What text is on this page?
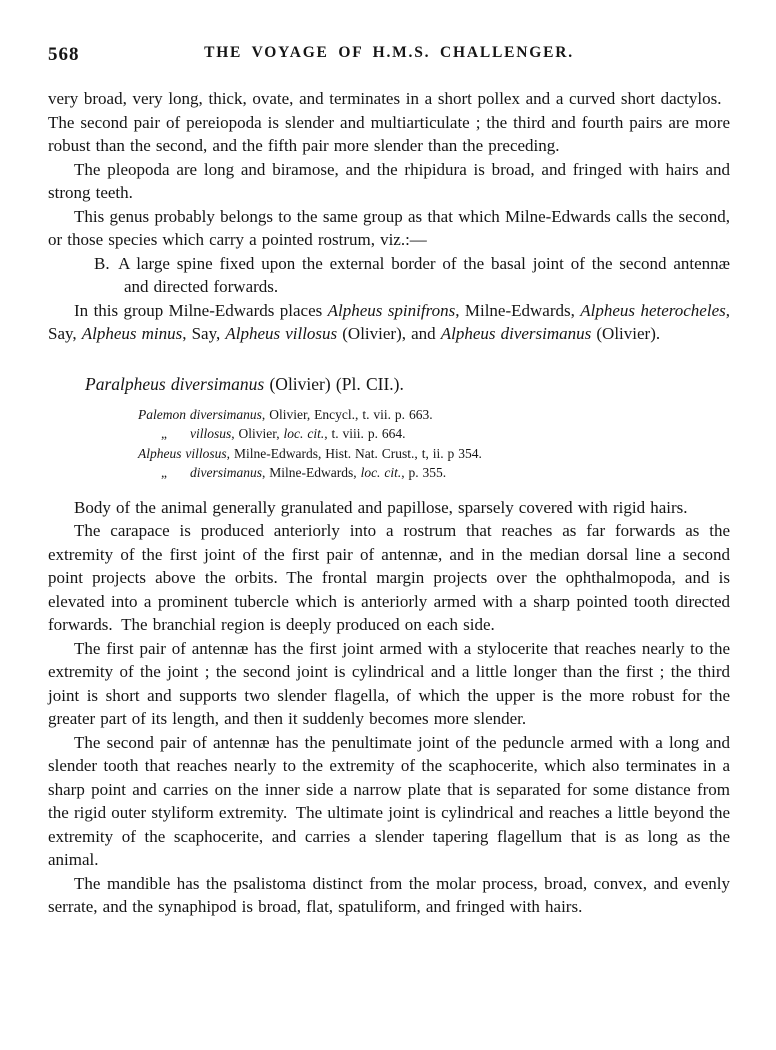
568	THE VOYAGE OF H.M.S. CHALLENGER.

very broad, very long, thick, ovate, and terminates in a short pollex and a curved short dactylos. The second pair of pereiopoda is slender and multiarticulate ; the third and fourth pairs are more robust than the second, and the fifth pair more slender than the preceding.

The pleopoda are long and biramose, and the rhipidura is broad, and fringed with hairs and strong teeth.

This genus probably belongs to the same group as that which Milne-Edwards calls the second, or those species which carry a pointed rostrum, viz.:—

B. A large spine fixed upon the external border of the basal joint of the second antennæ and directed forwards.

In this group Milne-Edwards places Alpheus spinifrons, Milne-Edwards, Alpheus heterocheles, Say, Alpheus minus, Say, Alpheus villosus (Olivier), and Alpheus diversimanus (Olivier).

Paralpheus diversimanus (Olivier) (Pl. CII.).
Palemon diversimanus, Olivier, Encycl., t. vii. p. 663.
„ villosus, Olivier, loc. cit., t. viii. p. 664.
Alpheus villosus, Milne-Edwards, Hist. Nat. Crust., t, ii. p 354.
„ diversimanus, Milne-Edwards, loc. cit., p. 355.

Body of the animal generally granulated and papillose, sparsely covered with rigid hairs.

The carapace is produced anteriorly into a rostrum that reaches as far forwards as the extremity of the first joint of the first pair of antennæ, and in the median dorsal line a second point projects above the orbits. The frontal margin projects over the ophthalmopoda, and is elevated into a prominent tubercle which is anteriorly armed with a sharp pointed tooth directed forwards. The branchial region is deeply produced on each side.

The first pair of antennæ has the first joint armed with a stylocerite that reaches nearly to the extremity of the joint ; the second joint is cylindrical and a little longer than the first ; the third joint is short and supports two slender flagella, of which the upper is the more robust for the greater part of its length, and then it suddenly becomes more slender.

The second pair of antennæ has the penultimate joint of the peduncle armed with a long and slender tooth that reaches nearly to the extremity of the scaphocerite, which also terminates in a sharp point and carries on the inner side a narrow plate that is separated for some distance from the rigid outer styliform extremity. The ultimate joint is cylindrical and reaches a little beyond the extremity of the scaphocerite, and carries a slender tapering flagellum that is as long as the animal.

The mandible has the psalistoma distinct from the molar process, broad, convex, and evenly serrate, and the synaphipod is broad, flat, spatuliform, and fringed with hairs.
